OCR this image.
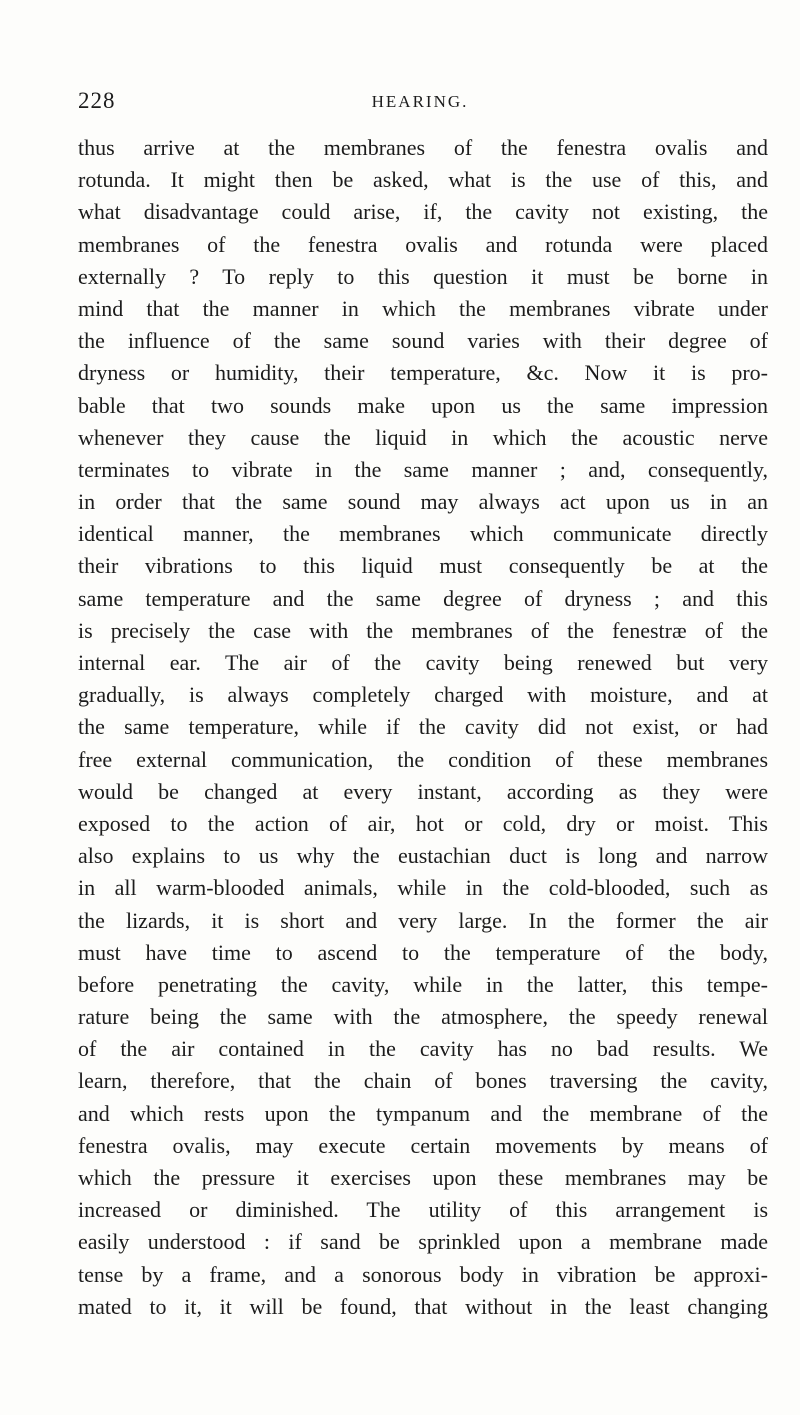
228	HEARING.
thus arrive at the membranes of the fenestra ovalis and
rotunda. It might then be asked, what is the use of this, and
what disadvantage could arise, if, the cavity not existing, the
membranes of the fenestra ovalis and rotunda were placed
externally ? To reply to this question it must be borne in
mind that the manner in which the membranes vibrate under
the influence of the same sound varies with their degree of
dryness or humidity, their temperature, &c. Now it is pro-
bable that two sounds make upon us the same impression
whenever they cause the liquid in which the acoustic nerve
terminates to vibrate in the same manner ; and, consequently,
in order that the same sound may always act upon us in an
identical manner, the membranes which communicate directly
their vibrations to this liquid must consequently be at the
same temperature and the same degree of dryness ; and this
is precisely the case with the membranes of the fenestræ of the
internal ear. The air of the cavity being renewed but very
gradually, is always completely charged with moisture, and at
the same temperature, while if the cavity did not exist, or had
free external communication, the condition of these membranes
would be changed at every instant, according as they were
exposed to the action of air, hot or cold, dry or moist. This
also explains to us why the eustachian duct is long and narrow
in all warm-blooded animals, while in the cold-blooded, such as
the lizards, it is short and very large. In the former the air
must have time to ascend to the temperature of the body,
before penetrating the cavity, while in the latter, this tempe-
rature being the same with the atmosphere, the speedy renewal
of the air contained in the cavity has no bad results. We
learn, therefore, that the chain of bones traversing the cavity,
and which rests upon the tympanum and the membrane of the
fenestra ovalis, may execute certain movements by means of
which the pressure it exercises upon these membranes may be
increased or diminished. The utility of this arrangement is
easily understood : if sand be sprinkled upon a membrane made
tense by a frame, and a sonorous body in vibration be approxi-
mated to it, it will be found, that without in the least changing
